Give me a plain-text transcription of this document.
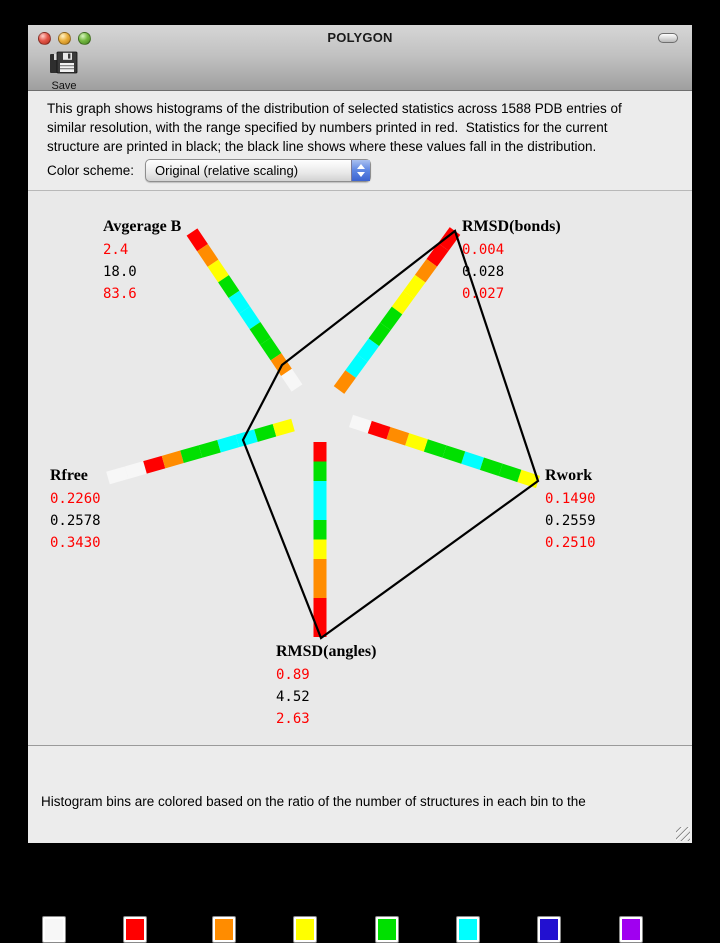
POLYGON
Save
This graph shows histograms of the distribution of selected statistics across 1588 PDB entries of
similar resolution, with the range specified by numbers printed in red.  Statistics for the current
structure are printed in black; the black line shows where these values fall in the distribution.
Color scheme:	Original (relative scaling)
Avgerage B
2.4
18.0
83.6
RMSD(bonds)
0.004
0.028
0.027
Rwork
0.1490
0.2559
0.2510
RMSD(angles)
0.89
4.52
2.63
Rfree
0.2260
0.2578
0.3430

Histogram bins are colored based on the ratio of the number of structures in each bin to the

average number per bin:

=< 0.1	=< 0.25	=< 0.5	=< 1.0	=< 2.0	=< 3.0	=< 5.0
